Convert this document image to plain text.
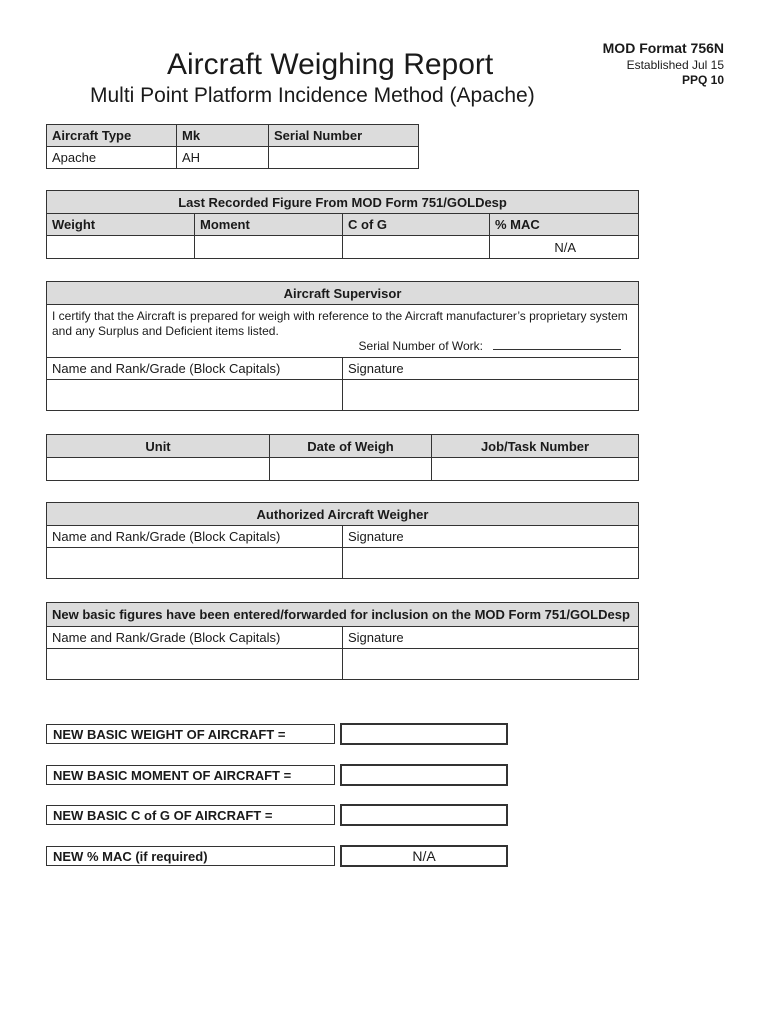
Aircraft Weighing Report
Multi Point Platform Incidence Method (Apache)
MOD Format 756N
Established Jul 15
PPQ 10
Aircraft Type	Mk	Serial Number
Apache	AH	
Last Recorded Figure From MOD Form 751/GOLDesp			
Weight	Moment	C of G	% MAC
			N/A
Aircraft Supervisor	
I certify that the Aircraft is prepared for weigh with reference to the Aircraft manufacturer’s proprietary system and any Surplus and Deficient items listed.
Serial Number of Work:	

Name and Rank/Grade (Block Capitals)	Signature

Unit	Date of Weigh	Job/Task Number

Authorized Aircraft Weigher	
Name and Rank/Grade (Block Capitals)	Signature

New basic figures have been entered/forwarded for inclusion on the MOD Form 751/GOLDesp	
Name and Rank/Grade (Block Capitals)	Signature

NEW BASIC WEIGHT OF AIRCRAFT =
NEW BASIC MOMENT OF AIRCRAFT =
NEW BASIC C of G OF AIRCRAFT =
NEW % MAC (if required)	N/A
